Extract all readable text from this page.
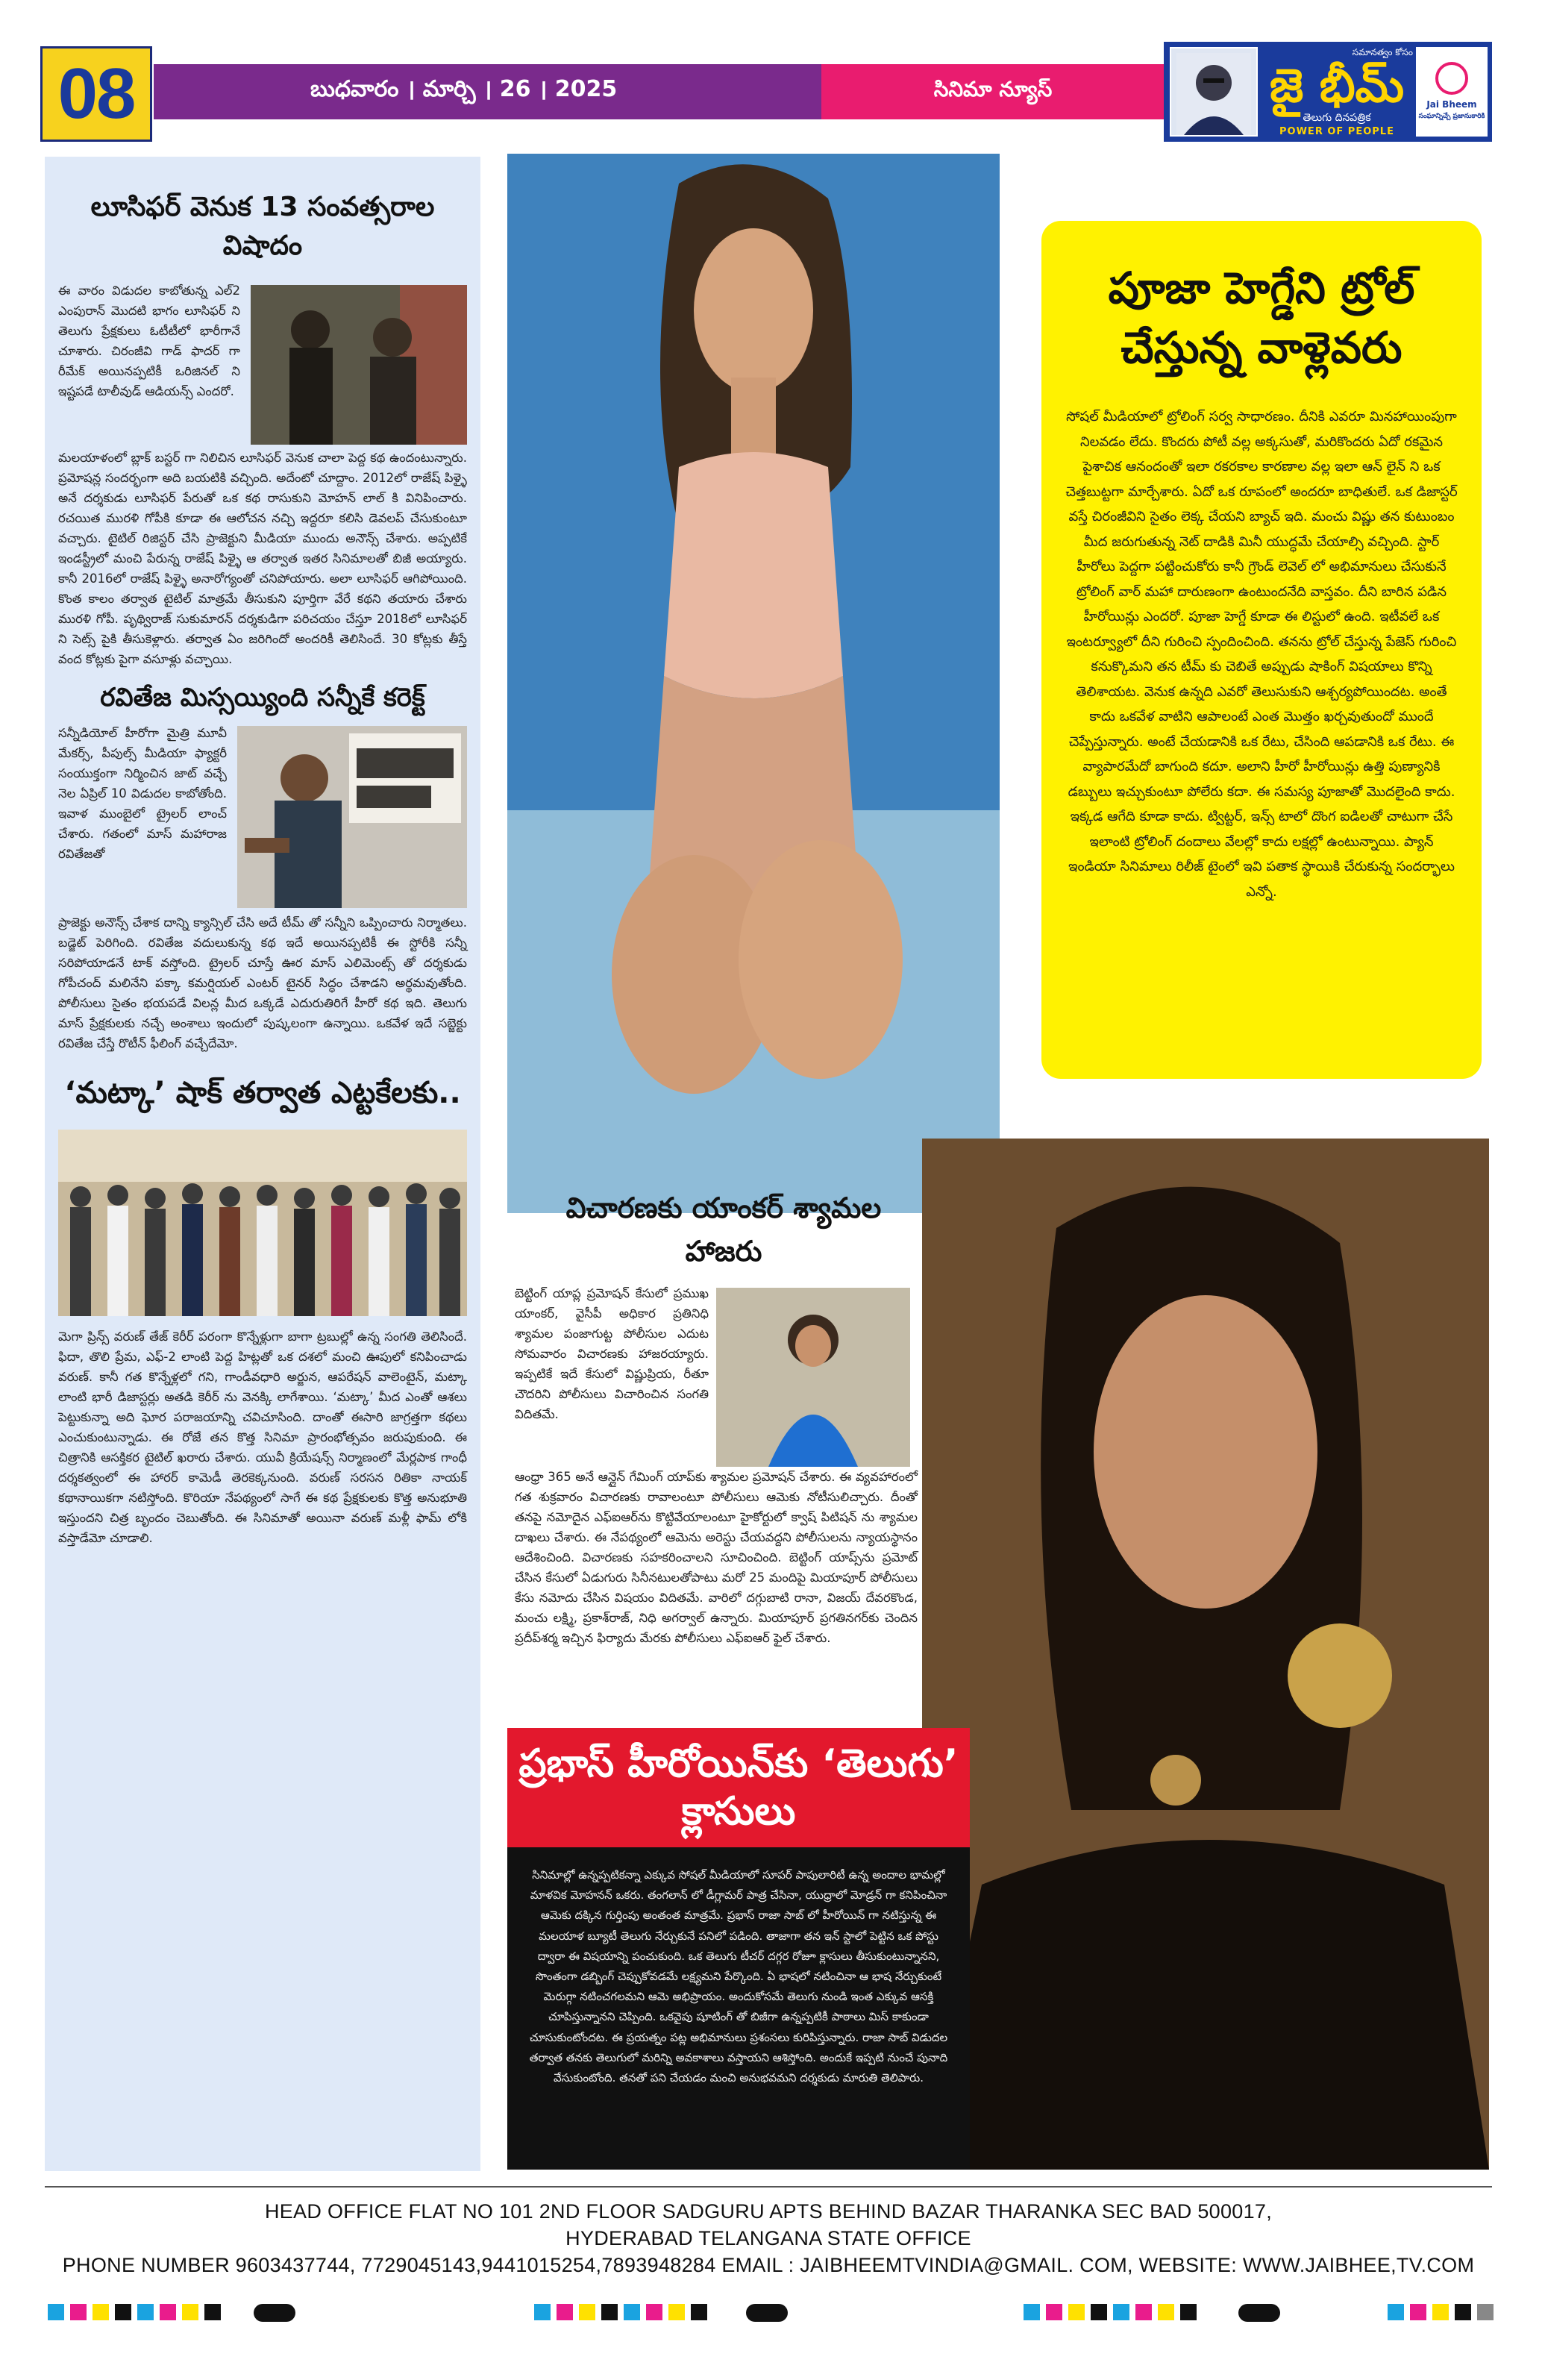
08	బుధవారం । మార్చి । 26 । 2025	సినిమా న్యూస్
సమానత్వం కోసం
జై భీమ్
తెలుగు దినపత్రిక
POWER OF PEOPLE
Jai Bheem
సంఘాన్నిచ్చే ప్రజానుకారికి
లూసిఫర్ వెనుక 13 సంవత్సరాల విషాదం
ఈ వారం విడుదల కాబోతున్న ఎల్2 ఎంపురాన్ మొదటి భాగం లూసిఫర్ ని తెలుగు ప్రేక్షకులు ఓటీటీలో భారీగానే చూశారు. చిరంజీవి గాడ్ ఫాదర్ గా రీమేక్ అయినప్పటికీ ఒరిజినల్ ని ఇష్టపడే టాలీవుడ్ ఆడియన్స్ ఎందరో.
మలయాళంలో బ్లాక్ బస్టర్ గా నిలిచిన లూసిఫర్ వెనుక చాలా పెద్ద కథ ఉందంటున్నారు. ప్రమోషన్ల సందర్భంగా అది బయటికి వచ్చింది. అదేంటో చూద్దాం. 2012లో రాజేష్ పిళ్ళై అనే దర్శకుడు లూసిఫర్ పేరుతో ఒక కథ రాసుకుని మోహన్ లాల్ కి వినిపించారు. రచయిత మురళి గోపీకి కూడా ఈ ఆలోచన నచ్చి ఇద్దరూ కలిసి డెవలప్ చేసుకుంటూ వచ్చారు. టైటిల్ రిజిస్టర్ చేసి ప్రాజెక్టుని మీడియా ముందు అనౌన్స్ చేశారు. అప్పటికే ఇండస్ట్రీలో మంచి పేరున్న రాజేష్ పిళ్ళై ఆ తర్వాత ఇతర సినిమాలతో బిజీ అయ్యారు. కానీ 2016లో రాజేష్ పిళ్ళై అనారోగ్యంతో చనిపోయారు. అలా లూసిఫర్ ఆగిపోయింది. కొంత కాలం తర్వాత టైటిల్ మాత్రమే తీసుకుని పూర్తిగా వేరే కథని తయారు చేశారు మురళి గోపీ. పృథ్విరాజ్ సుకుమారన్ దర్శకుడిగా పరిచయం చేస్తూ 2018లో లూసిఫర్ ని సెట్స్ పైకి తీసుకెళ్లారు. తర్వాత ఏం జరిగిందో అందరికీ తెలిసిందే. 30 కోట్లకు తీస్తే వంద కోట్లకు పైగా వసూళ్లు వచ్చాయి.
రవితేజ మిస్సయ్యింది సన్నీకే కరెక్ట్
సన్నీడియోల్ హీరోగా మైత్రి మూవీ మేకర్స్, పీపుల్స్ మీడియా ఫ్యాక్టరీ సంయుక్తంగా నిర్మించిన జాట్ వచ్చే నెల ఏప్రిల్ 10 విడుదల కాబోతోంది. ఇవాళ ముంబైలో ట్రైలర్ లాంచ్ చేశారు. గతంలో మాస్ మహారాజ రవితేజతో
ప్రాజెక్టు అనౌన్స్ చేశాక దాన్ని క్యాన్సిల్ చేసి అదే టీమ్ తో సన్నీని ఒప్పించారు నిర్మాతలు. బడ్జెట్ పెరిగింది. రవితేజ వదులుకున్న కథ ఇదే అయినప్పటికీ ఈ స్టోరీకి సన్నీ సరిపోయాడనే టాక్ వస్తోంది. ట్రైలర్ చూస్తే ఊర మాస్ ఎలిమెంట్స్ తో దర్శకుడు గోపీచంద్ మలినేని పక్కా కమర్షియల్ ఎంటర్ టైనర్ సిద్ధం చేశాడని అర్థమవుతోంది. పోలీసులు సైతం భయపడే విలన్ల మీద ఒక్కడే ఎదురుతిరిగే హీరో కథ ఇది. తెలుగు మాస్ ప్రేక్షకులకు నచ్చే అంశాలు ఇందులో పుష్కలంగా ఉన్నాయి. ఒకవేళ ఇదే సబ్జెక్టు రవితేజ చేస్తే రొటీన్ ఫీలింగ్ వచ్చేదేమో.
‘మట్కా’ షాక్ తర్వాత ఎట్టకేలకు..
మెగా ప్రిన్స్ వరుణ్ తేజ్ కెరీర్ పరంగా కొన్నేళ్లుగా బాగా ట్రబుల్లో ఉన్న సంగతి తెలిసిందే. ఫిదా, తొలి ప్రేమ, ఎఫ్-2 లాంటి పెద్ద హిట్లతో ఒక దశలో మంచి ఊపులో కనిపించాడు వరుణ్. కానీ గత కొన్నేళ్లలో గని, గాండీవధారి అర్జున, ఆపరేషన్ వాలెంటైన్, మట్కా లాంటి భారీ డిజాస్టర్లు అతడి కెరీర్ ను వెనక్కి లాగేశాయి. ‘మట్కా’ మీద ఎంతో ఆశలు పెట్టుకున్నా అది ఘోర పరాజయాన్ని చవిచూసింది. దాంతో ఈసారి జాగ్రత్తగా కథలు ఎంచుకుంటున్నాడు. ఈ రోజే తన కొత్త సినిమా ప్రారంభోత్సవం జరుపుకుంది. ఈ చిత్రానికి ఆసక్తికర టైటిల్ ఖరారు చేశారు. యువీ క్రియేషన్స్ నిర్మాణంలో మేర్లపాక గాంధీ దర్శకత్వంలో ఈ హారర్ కామెడీ తెరకెక్కనుంది. వరుణ్ సరసన రితికా నాయక్ కథానాయికగా నటిస్తోంది. కొరియా నేపథ్యంలో సాగే ఈ కథ ప్రేక్షకులకు కొత్త అనుభూతి ఇస్తుందని చిత్ర బృందం చెబుతోంది. ఈ సినిమాతో అయినా వరుణ్ మళ్లీ ఫామ్ లోకి వస్తాడేమో చూడాలి.
పూజా హెగ్డేని ట్రోల్ చేస్తున్న వాళ్లెవరు
సోషల్ మీడియాలో ట్రోలింగ్ సర్వ సాధారణం. దీనికి ఎవరూ మినహాయింపుగా నిలవడం లేదు. కొందరు పోటీ వల్ల అక్కసుతో, మరికొందరు ఏదో రకమైన పైశాచిక ఆనందంతో ఇలా రకరకాల కారణాల వల్ల ఇలా ఆన్ లైన్ ని ఒక చెత్తబుట్టగా మార్చేశారు. ఏదో ఒక రూపంలో అందరూ బాధితులే. ఒక డిజాస్టర్ వస్తే చిరంజీవిని సైతం లెక్క చేయని బ్యాచ్ ఇది. మంచు విష్ణు తన కుటుంబం మీద జరుగుతున్న నెట్ దాడికి మినీ యుద్ధమే చేయాల్సి వచ్చింది. స్టార్ హీరోలు పెద్దగా పట్టించుకోరు కానీ గ్రౌండ్ లెవెల్ లో అభిమానులు చేసుకునే ట్రోలింగ్ వార్ మహా దారుణంగా ఉంటుందనేది వాస్తవం. దీని బారిన పడిన హీరోయిన్లు ఎందరో. పూజా హెగ్డే కూడా ఈ లిస్టులో ఉంది. ఇటీవలే ఒక ఇంటర్వ్యూలో దీని గురించి స్పందించింది. తనను ట్రోల్ చేస్తున్న పేజెస్ గురించి కనుక్కొమని తన టీమ్ కు చెబితే అప్పుడు షాకింగ్ విషయాలు కొన్ని తెలిశాయట. వెనుక ఉన్నది ఎవరో తెలుసుకుని ఆశ్చర్యపోయిందట. అంతే కాదు ఒకవేళ వాటిని ఆపాలంటే ఎంత మొత్తం ఖర్చవుతుందో ముందే చెప్పేస్తున్నారు. అంటే చేయడానికి ఒక రేటు, చేసింది ఆపడానికి ఒక రేటు. ఈ వ్యాపారమేదో బాగుంది కదూ. అలాని హీరో హీరోయిన్లు ఉత్తి పుణ్యానికి డబ్బులు ఇచ్చుకుంటూ పోలేరు కదా. ఈ సమస్య పూజాతో మొదలైంది కాదు. ఇక్కడ ఆగేది కూడా కాదు. ట్విట్టర్, ఇన్స్ టాలో దొంగ ఐడిలతో చాటుగా చేసే ఇలాంటి ట్రోలింగ్ దందాలు వేలల్లో కాదు లక్షల్లో ఉంటున్నాయి. ప్యాన్ ఇండియా సినిమాలు రిలీజ్ టైంలో ఇవి పతాక స్థాయికి చేరుకున్న సందర్భాలు ఎన్నో.
విచారణకు యాంకర్ శ్యామల హాజరు
బెట్టింగ్ యాప్ల ప్రమోషన్ కేసులో ప్రముఖ యాంకర్, వైసీపీ అధికార ప్రతినిధి శ్యామల పంజాగుట్ట పోలీసుల ఎదుట సోమవారం విచారణకు హాజరయ్యారు. ఇప్పటికే ఇదే కేసులో విష్ణుప్రియ, రీతూ చౌదరిని పోలీసులు విచారించిన సంగతి విదితమే.
ఆంధ్రా 365 అనే ఆన్లైన్ గేమింగ్ యాప్‌కు శ్యామల ప్రమోషన్ చేశారు. ఈ వ్యవహారంలో గత శుక్రవారం విచారణకు రావాలంటూ పోలీసులు ఆమెకు నోటీసులిచ్చారు. దీంతో తనపై నమోదైన ఎఫ్ఐఆర్‌ను కొట్టివేయాలంటూ హైకోర్టులో క్వాష్ పిటిషన్ ను శ్యామల దాఖలు చేశారు. ఈ నేపథ్యంలో ఆమెను అరెస్టు చేయవద్దని పోలీసులను న్యాయస్థానం ఆదేశించింది. విచారణకు సహకరించాలని సూచించింది. బెట్టింగ్ యాప్స్‌ను ప్రమోట్ చేసిన కేసులో ఏడుగురు సినీనటులతోపాటు మరో 25 మందిపై మియాపూర్ పోలీసులు కేసు నమోదు చేసిన విషయం విదితమే. వారిలో దగ్గుబాటి రానా, విజయ్ దేవరకొండ, మంచు లక్ష్మి, ప్రకాశ్‌రాజ్, నిధి అగర్వాల్ ఉన్నారు. మియాపూర్ ప్రగతినగర్‌కు చెందిన ప్రదీప్‌శర్మ ఇచ్చిన ఫిర్యాదు మేరకు పోలీసులు ఎఫ్ఐఆర్ ఫైల్ చేశారు.
ప్రభాస్ హీరోయిన్‌కు ‘తెలుగు’ క్లాసులు
సినిమాల్లో ఉన్నప్పటికన్నా ఎక్కువ సోషల్ మీడియాలో సూపర్ పాపులారిటీ ఉన్న అందాల భామల్లో మాళవిక మోహనన్ ఒకరు. తంగలాన్ లో డీగ్లామర్ పాత్ర చేసినా, యుధ్రాలో మోడ్రన్ గా కనిపించినా ఆమెకు దక్కిన గుర్తింపు అంతంత మాత్రమే. ప్రభాస్ రాజా సాబ్ లో హీరోయిన్ గా నటిస్తున్న ఈ మలయాళ బ్యూటీ తెలుగు నేర్చుకునే పనిలో పడింది. తాజాగా తన ఇన్ స్టాలో పెట్టిన ఒక పోస్టు ద్వారా ఈ విషయాన్ని పంచుకుంది. ఒక తెలుగు టీచర్ దగ్గర రోజూ క్లాసులు తీసుకుంటున్నానని, సొంతంగా డబ్బింగ్ చెప్పుకోవడమే లక్ష్యమని పేర్కొంది. ఏ భాషలో నటించినా ఆ భాష నేర్చుకుంటే మెరుగ్గా నటించగలమని ఆమె అభిప్రాయం. అందుకోసమే తెలుగు నుండి ఇంత ఎక్కువ ఆసక్తి చూపిస్తున్నానని చెప్పింది. ఒకవైపు షూటింగ్ తో బిజీగా ఉన్నప్పటికీ పాఠాలు మిస్ కాకుండా చూసుకుంటోందట. ఈ ప్రయత్నం పట్ల అభిమానులు ప్రశంసలు కురిపిస్తున్నారు. రాజా సాబ్ విడుదల తర్వాత తనకు తెలుగులో మరిన్ని అవకాశాలు వస్తాయని ఆశిస్తోంది. అందుకే ఇప్పటి నుంచే పునాది వేసుకుంటోంది. తనతో పని చేయడం మంచి అనుభవమని దర్శకుడు మారుతి తెలిపారు.
HEAD OFFICE FLAT NO 101 2ND FLOOR SADGURU APTS BEHIND BAZAR THARANKA SEC BAD 500017,
HYDERABAD TELANGANA STATE OFFICE
PHONE NUMBER 9603437744, 7729045143,9441015254,7893948284 EMAIL : JAIBHEEMTVINDIA@GMAIL. COM, WEBSITE: WWW.JAIBHEE,TV.COM
